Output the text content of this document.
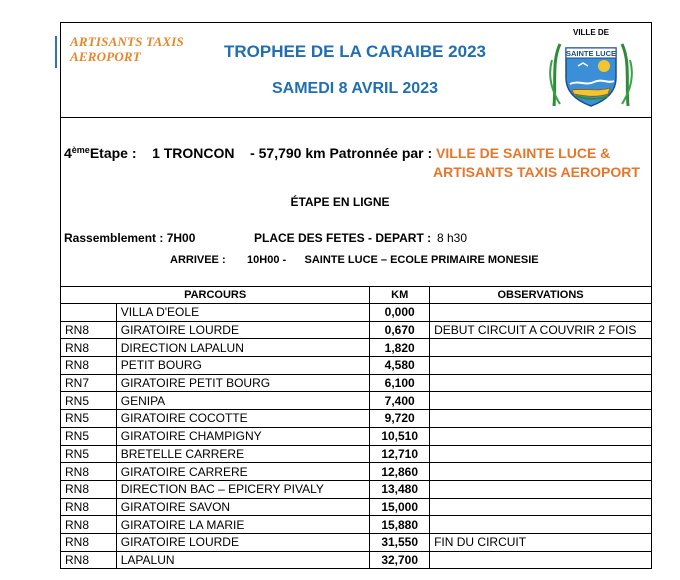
ARTISANTS TAXIS
AEROPORT	TROPHEE DE LA CARAIBE 2023
SAMEDI 8 AVRIL 2023
VILLE DE
SAINTE LUCE
4èmeEtape : 1 TRONCON - 57,790 km Patronnée par : VILLE DE SAINTE LUCE &
ARTISANTS TAXIS AEROPORT
ÉTAPE EN LIGNE
Rassemblement : 7H00	PLACE DES FETES - DEPART : 8 h30
ARRIVEE : 10H00 - SAINTE LUCE – ECOLE PRIMAIRE MONESIE
PARCOURS		KM	OBSERVATIONS
	VILLA D'EOLE	0,000	
RN8	GIRATOIRE LOURDE	0,670	DEBUT CIRCUIT A COUVRIR 2 FOIS
RN8	DIRECTION LAPALUN	1,820	
RN8	PETIT BOURG	4,580	
RN7	GIRATOIRE PETIT BOURG	6,100	
RN5	GENIPA	7,400	
RN5	GIRATOIRE COCOTTE	9,720	
RN5	GIRATOIRE CHAMPIGNY	10,510	
RN5	BRETELLE CARRERE	12,710	
RN8	GIRATOIRE CARRERE	12,860	
RN8	DIRECTION BAC – EPICERY PIVALY	13,480	
RN8	GIRATOIRE SAVON	15,000	
RN8	GIRATOIRE LA MARIE	15,880	
RN8	GIRATOIRE LOURDE	31,550	FIN DU CIRCUIT
RN8	LAPALUN	32,700	
